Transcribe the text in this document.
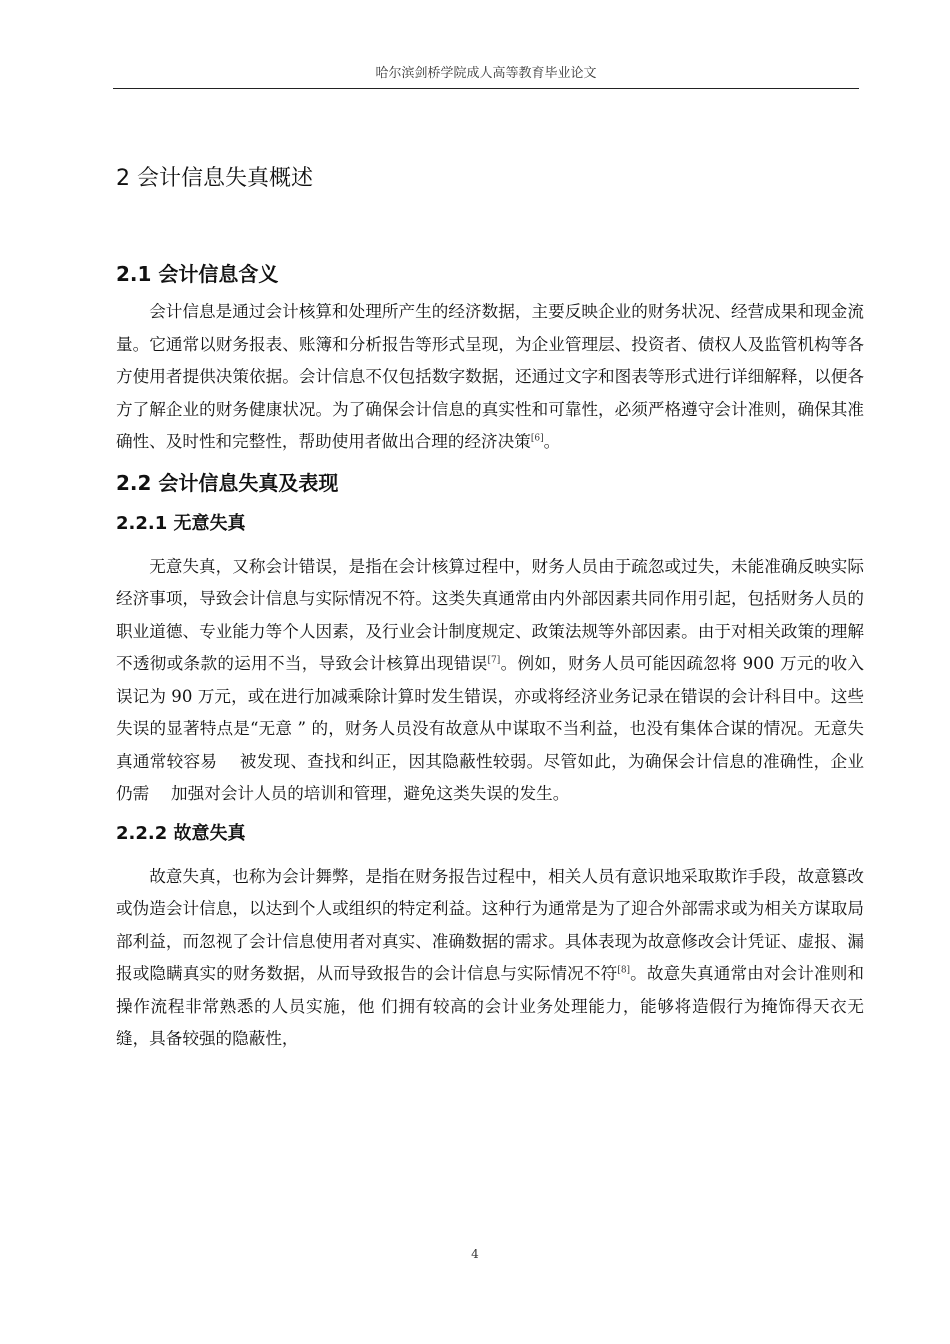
哈尔滨剑桥学院成人高等教育毕业论文
2 会计信息失真概述
2.1 会计信息含义

会计信息是通过会计核算和处理所产生的经济数据，主要反映企业的财务状况、经营成果和现金流量。它通常以财务报表、账簿和分析报告等形式呈现，为企业管理层、投资者、债权人及监管机构等各方使用者提供决策依据。会计信息不仅包括数字数据，还通过文字和图表等形式进行详细解释，以便各方了解企业的财务健康状况。为了确保会计信息的真实性和可靠性，必须严格遵守会计准则，确保其准确性、及时性和完整性，帮助使用者做出合理的经济决策[6]。

2.2 会计信息失真及表现
2.2.1 无意失真

无意失真，又称会计错误，是指在会计核算过程中，财务人员由于疏忽或过失，未能准确反映实际经济事项，导致会计信息与实际情况不符。这类失真通常由内外部因素共同作用引起，包括财务人员的职业道德、专业能力等个人因素，及行业会计制度规定、政策法规等外部因素。由于对相关政策的理解不透彻或条款的运用不当，导致会计核算出现错误[7]。例如，财务人员可能因疏忽将 900 万元的收入误记为 90 万元，或在进行加减乘除计算时发生错误，亦或将经济业务记录在错误的会计科目中。这些失误的显著特点是“无意 ” 的，财务人员没有故意从中谋取不当利益，也没有集体合谋的情况。无意失真通常较容易　 被发现、查找和纠正，因其隐蔽性较弱。尽管如此，为确保会计信息的准确性，企业仍需　 加强对会计人员的培训和管理，避免这类失误的发生。

2.2.2 故意失真

故意失真，也称为会计舞弊，是指在财务报告过程中，相关人员有意识地采取欺诈手段，故意篡改或伪造会计信息，以达到个人或组织的特定利益。这种行为通常是为了迎合外部需求或为相关方谋取局部利益，而忽视了会计信息使用者对真实、准确数据的需求。具体表现为故意修改会计凭证、虚报、漏报或隐瞒真实的财务数据，从而导致报告的会计信息与实际情况不符[8]。故意失真通常由对会计准则和操作流程非常熟悉的人员实施，他 们拥有较高的会计业务处理能力，能够将造假行为掩饰得天衣无缝，具备较强的隐蔽性，

4
